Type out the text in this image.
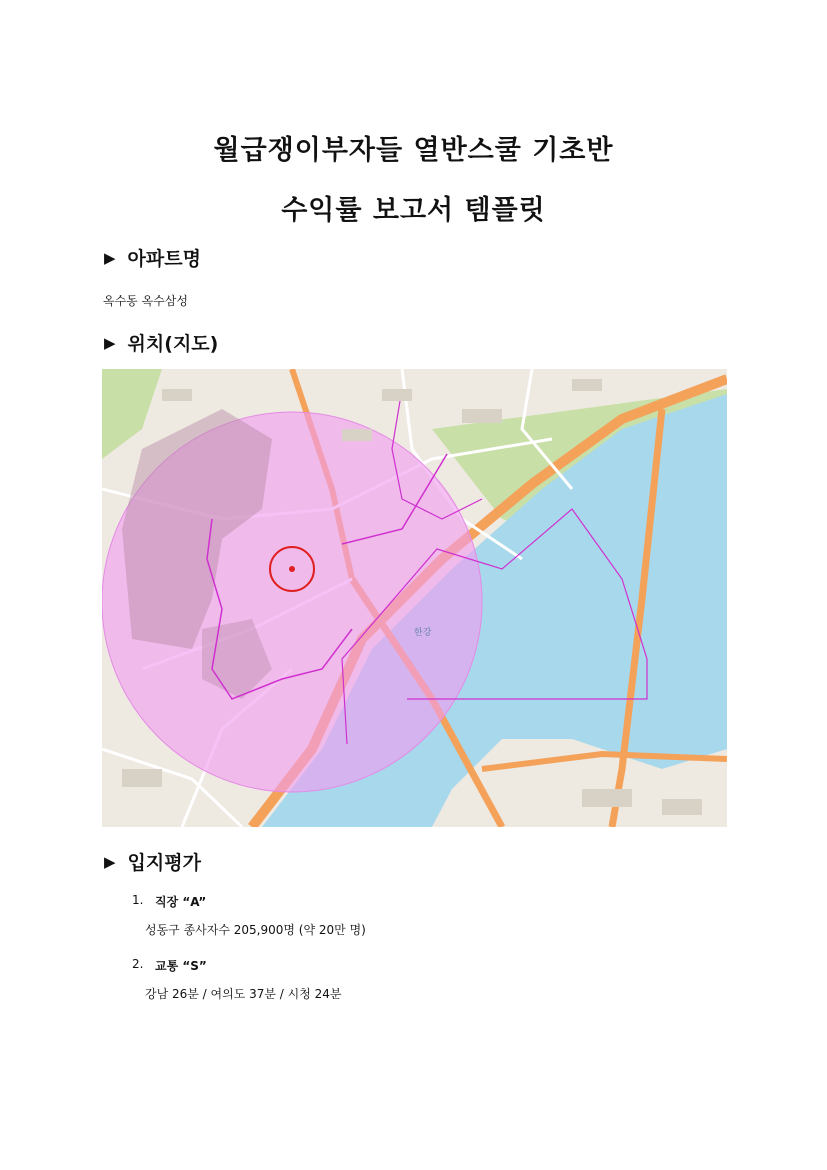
월급쟁이부자들 열반스쿨 기초반
수익률 보고서 템플릿
▶ 아파트명

옥수동 옥수삼성

▶ 위치(지도)
한강
▶ 입지평가
1. 직장 “A”
성동구 종사자수 205,900명 (약 20만 명)
2. 교통 “S”
강남 26분 / 여의도 37분 / 시청 24분
